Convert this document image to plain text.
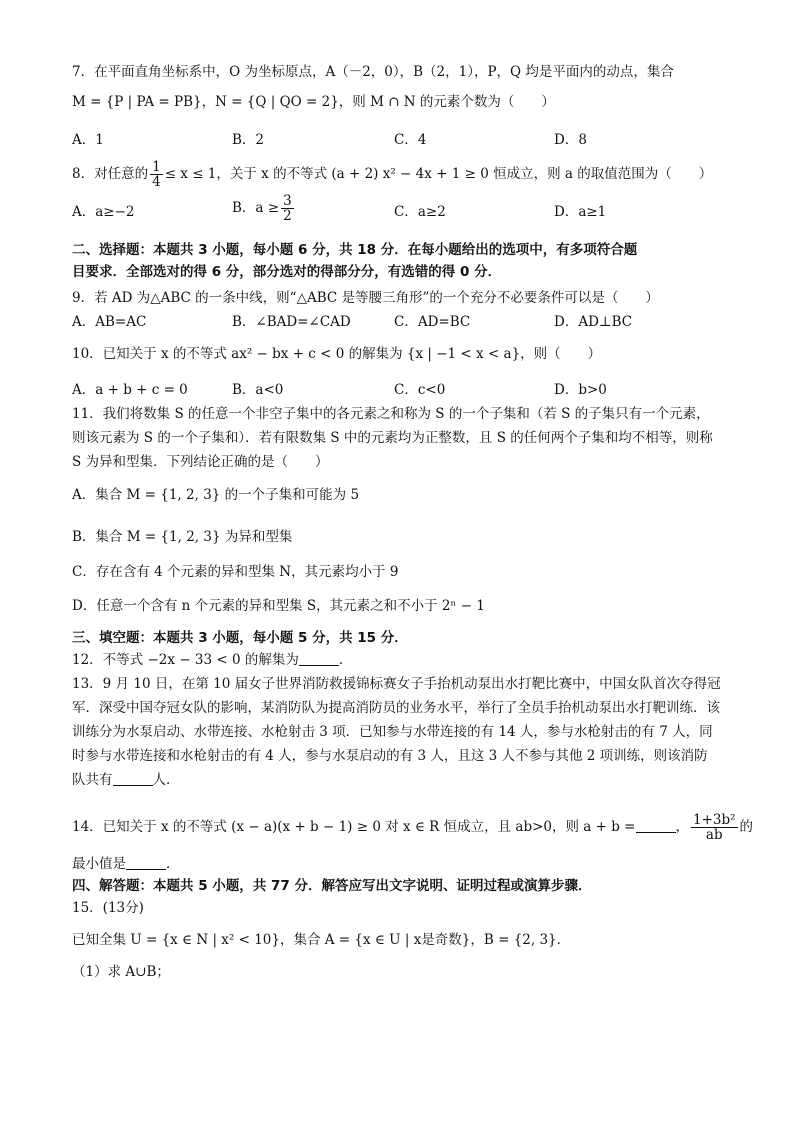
7．在平面直角坐标系中，O 为坐标原点，A（－2，0），B（2，1），P，Q 均是平面内的动点，集合
M = {P | PA = PB}，N = {Q | QO = 2}，则 M ∩ N 的元素个数为（　　）
A．1	B．2	C．4	D．8
8．对任意的 $\frac{1}{4} \le x \le 1$，关于 x 的不等式 (a + 2) x² − 4x + 1 ≥ 0 恒成立，则 a 的取值范围为（　　）
A．a≥−2	B．$a \ge \frac{3}{2}$	C．a≥2	D．a≥1
二、选择题：本题共 3 小题，每小题 6 分，共 18 分．在每小题给出的选项中，有多项符合题
目要求．全部选对的得 6 分，部分选对的得部分分，有选错的得 0 分．
9．若 AD 为△ABC 的一条中线，则“△ABC 是等腰三角形”的一个充分不必要条件可以是（　　）
A．AB=AC	B．∠BAD=∠CAD	C．AD=BC	D．AD⊥BC
10．已知关于 x 的不等式 ax² − bx + c < 0 的解集为 {x | −1 < x < a}，则（　　）
A．a + b + c = 0	B．a<0	C．c<0	D．b>0
11．我们将数集 S 的任意一个非空子集中的各元素之和称为 S 的一个子集和（若 S 的子集只有一个元素，
则该元素为 S 的一个子集和）．若有限数集 S 中的元素均为正整数，且 S 的任何两个子集和均不相等，则称
S 为异和型集．下列结论正确的是（　　）
A．集合 M = {1, 2, 3} 的一个子集和可能为 5
B．集合 M = {1, 2, 3} 为异和型集
C．存在含有 4 个元素的异和型集 N，其元素均小于 9
D．任意一个含有 n 个元素的异和型集 S，其元素之和不小于 2ⁿ − 1
三、填空题：本题共 3 小题，每小题 5 分，共 15 分．
12．不等式 −2x − 33 < 0 的解集为	．
13．9 月 10 日，在第 10 届女子世界消防救援锦标赛女子手抬机动泵出水打靶比赛中，中国女队首次夺得冠
军．深受中国夺冠女队的影响，某消防队为提高消防员的业务水平，举行了全员手抬机动泵出水打靶训练．该
训练分为水泵启动、水带连接、水枪射击 3 项．已知参与水带连接的有 14 人，参与水枪射击的有 7 人，同
时参与水带连接和水枪射击的有 4 人，参与水泵启动的有 3 人，且这 3 人不参与其他 2 项训练，则该消防
队共有	人．
14．已知关于 x 的不等式 (x − a)(x + b − 1) ≥ 0 对 x ∈ R 恒成立，且 ab>0，则 a + b =	， $\frac{\text{1+3b²}}{ab}$ 的
最小值是	．
四、解答题：本题共 5 小题，共 77 分．解答应写出文字说明、证明过程或演算步骤．
15．(13分)
已知全集 U = {x ∈ N | x² < 10}，集合 A = {x ∈ U | x是奇数}，B = {2, 3}．
（1）求 A∪B；
